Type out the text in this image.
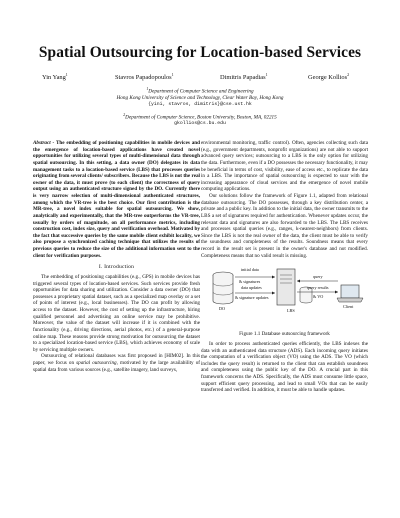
Spatial Outsourcing for Location-based Services
Yin Yang$^1$	Stavros Papadopoulos$^1$	Dimitris Papadias$^1$	George Kollios$^2$
$^1$Department of Computer Science and Engineering
Hong Kong University of Science and Technology, Clear Water Bay, Hong Kong
{yini, stavros, dimitris}@cse.ust.hk
$^2$Department of Computer Science, Boston University, Boston, MA, 02215
gkollios@cs.bu.edu

Abstract - The embedding of positioning capabilities in mobile devices and the emergence of location-based applications have created novel opportunities for utilizing several types of multi-dimensional data through spatial outsourcing. In this setting, a data owner (DO) delegates its data management tasks to a location-based service (LBS) that processes queries originating from several clients/ subscribers. Because the LBS is not the real owner of the data, it must prove (to each client) the correctness of query output using an authenticated structure signed by the DO. Currently there is very narrow selection of multi-dimensional authenticated structures, among which the VR-tree is the best choice. Our first contribution is the MR-tree, a novel index suitable for spatial outsourcing. We show, analytically and experimentally, that the MR-tree outperforms the VR-tree, usually by orders of magnitude, on all performance metrics, including construction cost, index size, query and verification overhead. Motivated by the fact that successive queries by the same mobile client exhibit locality, we also propose a synchronized caching technique that utilizes the results of previous queries to reduce the size of the additional information sent to the client for verification purposes.

I. Introduction

The embedding of positioning capabilities (e.g., GPS) in mobile devices has triggered several types of location-based services. Such services provide fresh opportunities for data sharing and utilization. Consider a data owner (DO) that possesses a proprietary spatial dataset, such as a specialized map overlay or a set of points of interest (e.g., local businesses). The DO can profit by allowing access to the dataset. However, the cost of setting up the infrastructure, hiring qualified personnel and advertising an online service may be prohibitive. Moreover, the value of the dataset will increase if it is combined with the functionality (e.g., driving directions, aerial photos, etc.) of a general-purpose online map. These reasons provide strong motivation for outsourcing the dataset to a specialized location-based service (LBS), which achieves economy of scale by servicing multiple owners.

Outsourcing of relational databases was first proposed in [HIM02]. In this paper, we focus on spatial outsourcing, motivated by the large availability of spatial data from various sources (e.g., satellite imagery, land surveys,

environmental monitoring, traffic control). Often, agencies collecting such data (e.g., government departments, nonprofit organizations) are not able to support advanced query services; outsourcing to a LBS is the only option for utilizing the data. Furthermore, even if a DO possesses the necessary functionality, it may be beneficial in terms of cost, visibility, ease of access etc., to replicate the data in a LBS. The importance of spatial outsourcing is expected to soar with the increasing appearance of cloud services and the emergence of novel mobile computing applications.

Our solutions follow the framework of Figure 1.1, adapted from relational database outsourcing. The DO possesses, through a key distribution center, a private and a public key. In addition to the initial data, the owner transmits to the LBS a set of signatures required for authentication. Whenever updates occur, the relevant data and signatures are also forwarded to the LBS. The LBS receives and processes spatial queries (e.g., ranges, k-nearest-neighbors) from clients. Since the LBS is not the real owner of the data, the client must be able to verify the soundness and completeness of the results. Soundness means that every record in the result set is present in the owner's database and not modified. Completeness means that no valid result is missing.

initial data
& signatures
data updates
& signature updates
query
query results
& VO
DO	LBS
Client
Figure 1.1 Database outsourcing framework

In order to process authenticated queries efficiently, the LBS indexes the data with an authenticated data structure (ADS). Each incoming query initiates the computation of a verification object (VO) using the ADS. The VO (which includes the query result) is returned to the client that can establish soundness and completeness using the public key of the DO. A crucial part in this framework concerns the ADS. Specifically, the ADS must consume little space, support efficient query processing, and lead to small VOs that can be easily transferred and verified. In addition, it must be able to handle updates.
